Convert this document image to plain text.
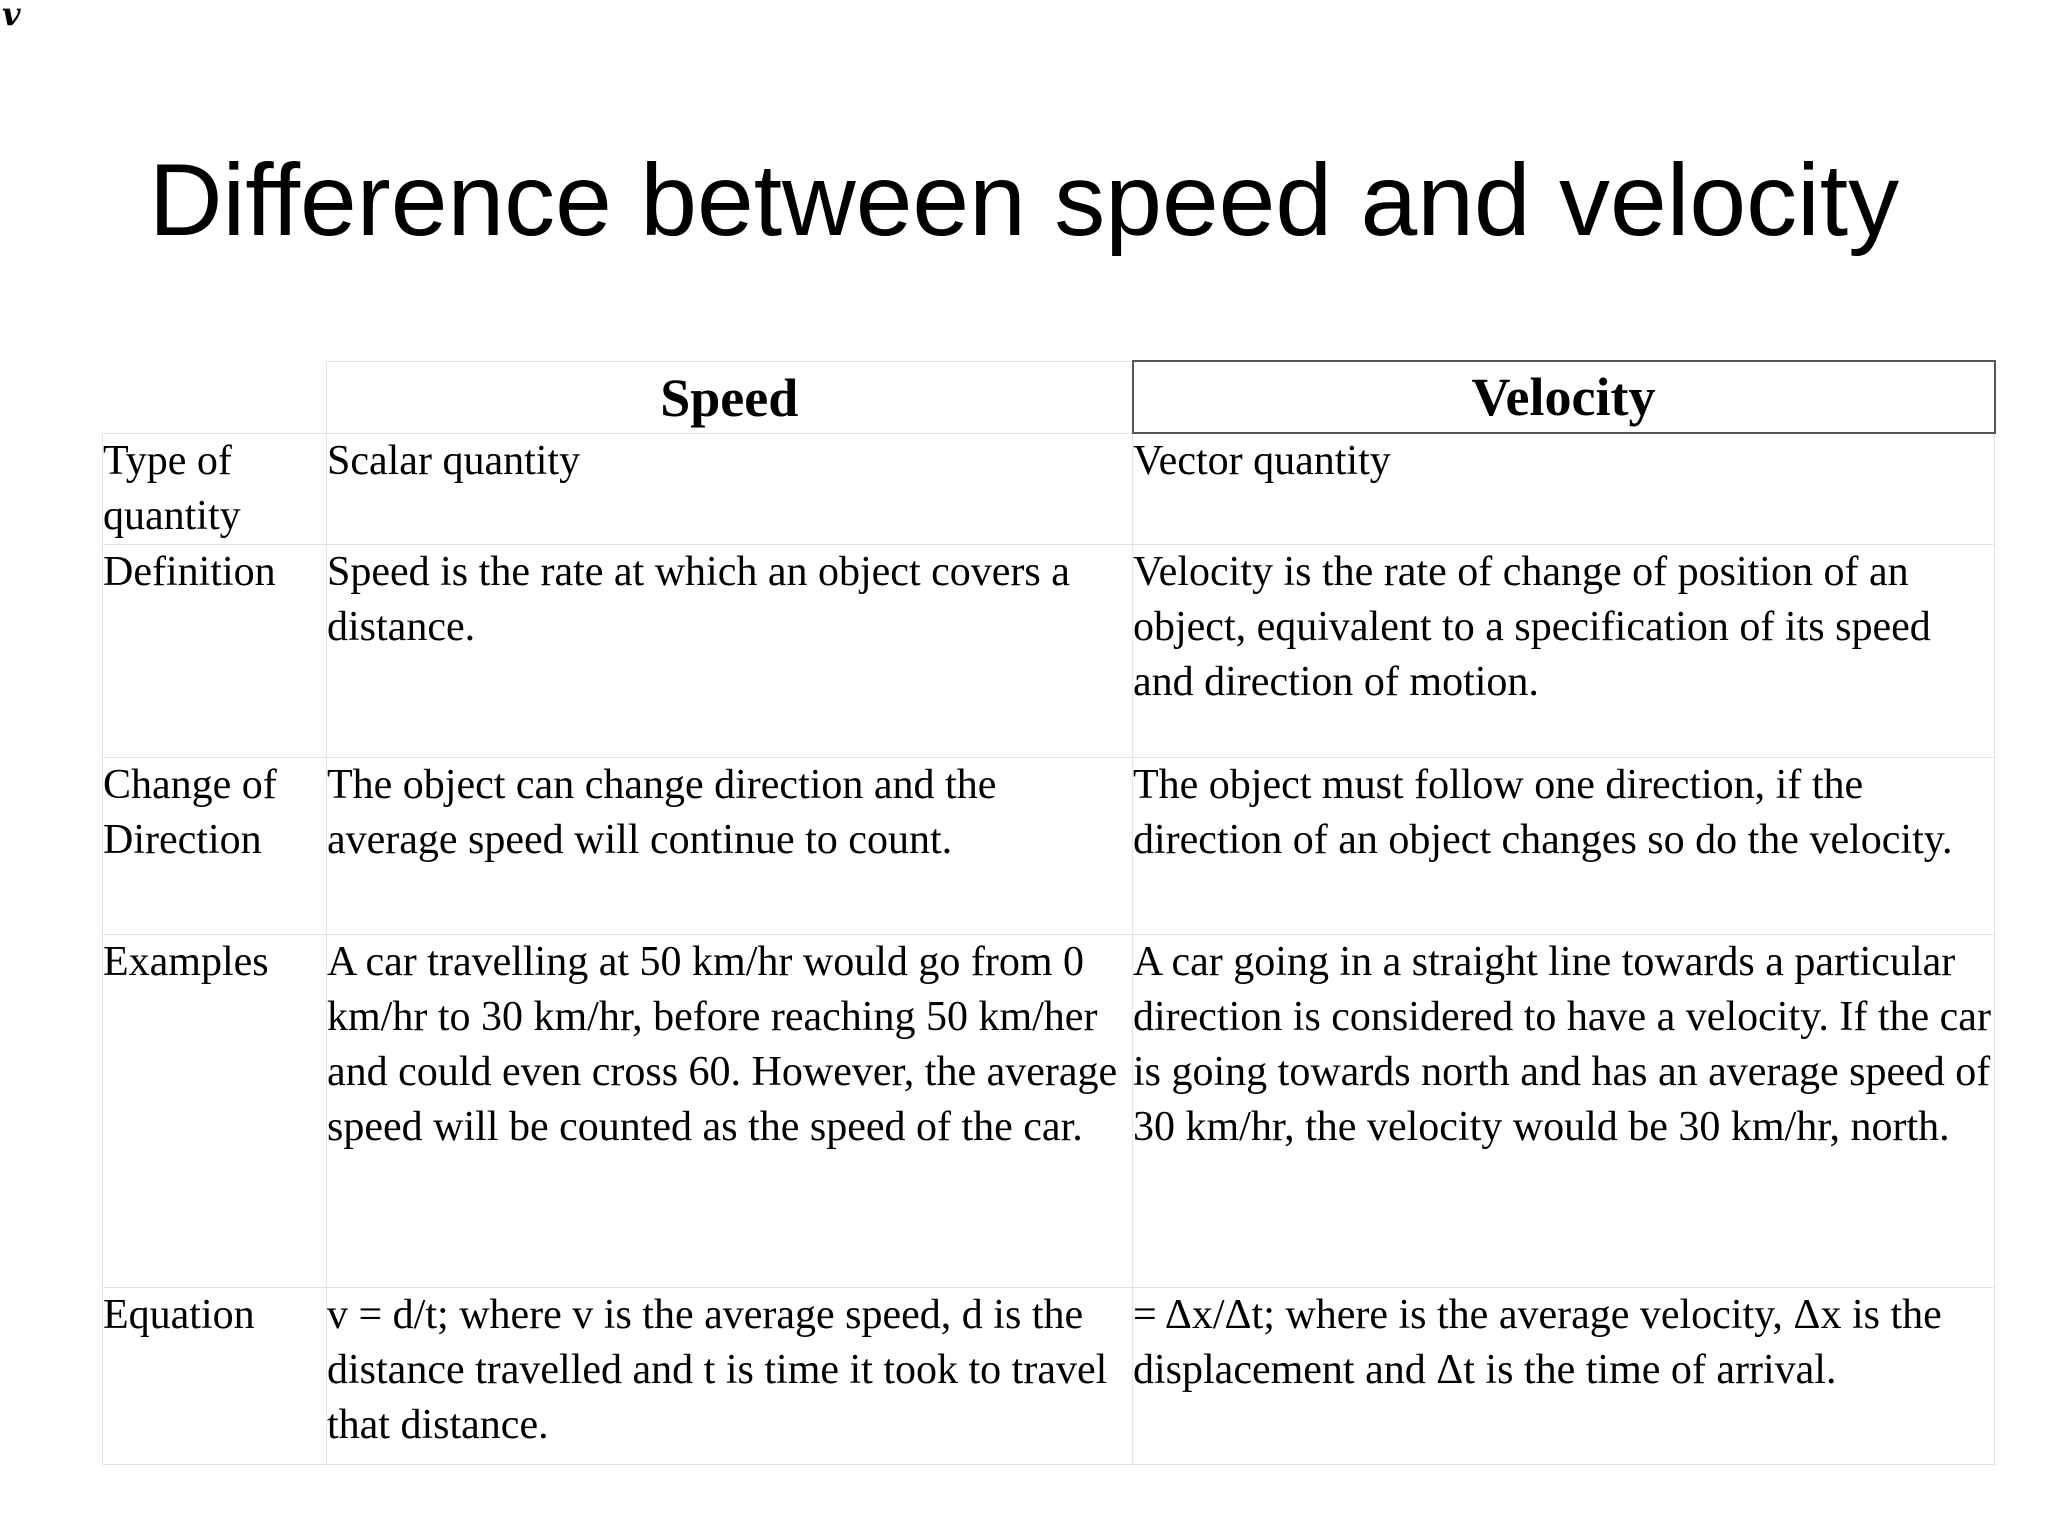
v
Difference between speed and velocity
	Speed	Velocity
Type of quantity	Scalar quantity	Vector quantity
Definition	Speed is the rate at which an object covers a distance.	Velocity is the rate of change of position of an object, equivalent to a specification of its speed and direction of motion.
Change of Direction	The object can change direction and the average speed will continue to count.	The object must follow one direction, if the direction of an object changes so do the velocity.
Examples	A car travelling at 50 km/hr would go from 0 km/hr to 30 km/hr, before reaching 50 km/her and could even cross 60. However, the average speed will be counted as the speed of the car.	A car going in a straight line towards a particular direction is considered to have a velocity. If the car is going towards north and has an average speed of 30 km/hr, the velocity would be 30 km/hr, north.
Equation	v = d/t; where v is the average speed, d is the distance travelled and t is time it took to travel that distance.	= Δx/Δt; where is the average velocity, Δx is the displacement and Δt is the time of arrival.
